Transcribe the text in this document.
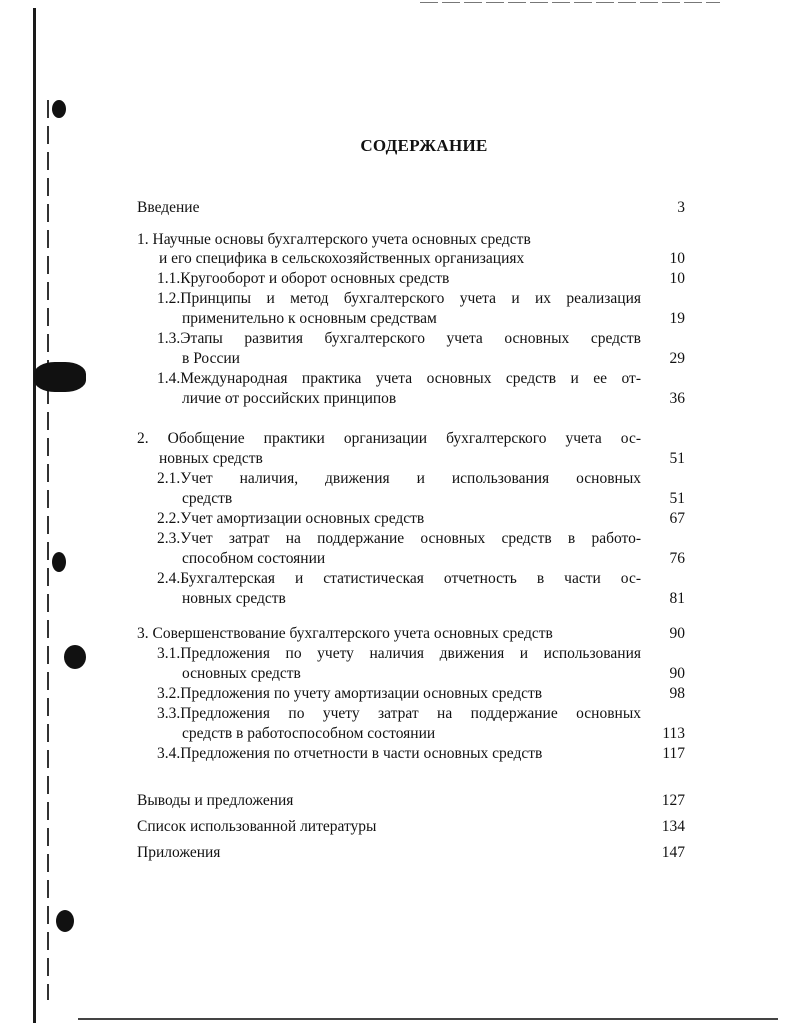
СОДЕРЖАНИЕ
Введение	3
1. Научные основы бухгалтерского учета основных средств
и его специфика в сельскохозяйственных организациях	10
1.1.Кругооборот и оборот основных средств	10
1.2.Принципы и метод бухгалтерского учета и их реализация
применительно к основным средствам	19
1.3.Этапы развития бухгалтерского учета основных средств
в России	29
1.4.Международная практика учета основных средств и ее от-
личие от российских принципов	36
2. Обобщение практики организации бухгалтерского учета ос-
новных средств	51
2.1.Учет наличия, движения и использования основных
средств	51
2.2.Учет амортизации основных средств	67
2.3.Учет затрат на поддержание основных средств в работо-
способном состоянии	76
2.4.Бухгалтерская и статистическая отчетность в части ос-
новных средств	81
3. Совершенствование бухгалтерского учета основных средств	90
3.1.Предложения по учету наличия движения и использования
основных средств	90
3.2.Предложения по учету амортизации основных средств	98
3.3.Предложения по учету затрат на поддержание основных
средств в работоспособном состоянии	113
3.4.Предложения по отчетности в части основных средств	117
Выводы и предложения	127
Список использованной литературы	134
Приложения	147
